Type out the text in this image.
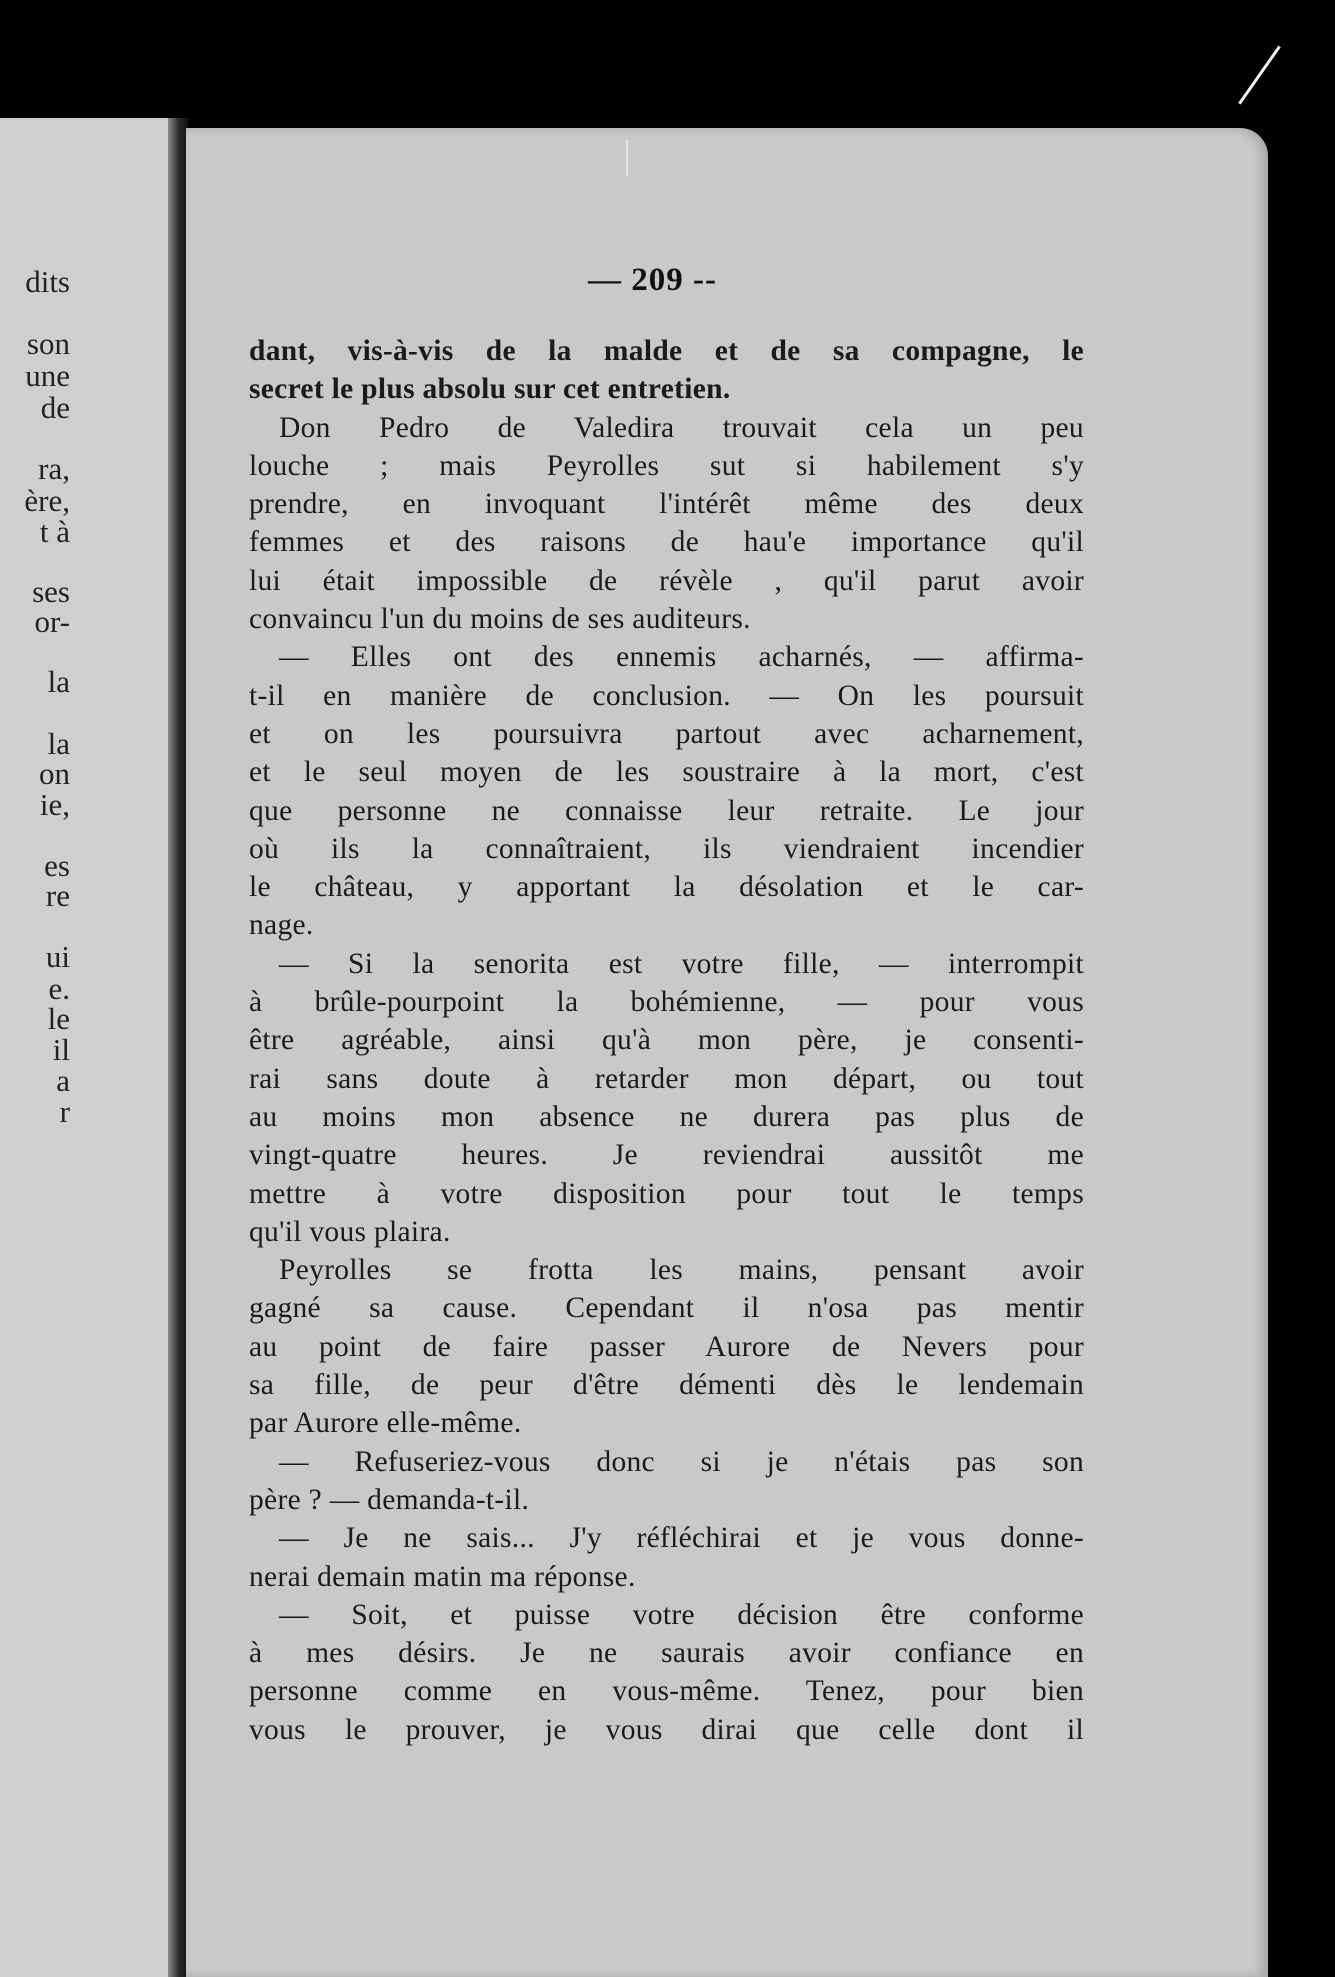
dits
son
une
de
ra,
ère,
t à
ses
or-
la
la
on
ie,
es
re
ui
e.
le
il
a
r
— 209 --
dant, vis-à-vis de la malde et de sa compagne, le
secret le plus absolu sur cet entretien.
Don Pedro de Valedira trouvait cela un peu
louche ; mais Peyrolles sut si habilement s'y
prendre, en invoquant l'intérêt même des deux
femmes et des raisons de hau'e importance qu'il
lui était impossible de révèle , qu'il parut avoir
convaincu l'un du moins de ses auditeurs.
— Elles ont des ennemis acharnés, — affirma-
t-il en manière de conclusion. — On les poursuit
et on les poursuivra partout avec acharnement,
et le seul moyen de les soustraire à la mort, c'est
que personne ne connaisse leur retraite. Le jour
où ils la connaîtraient, ils viendraient incendier
le château, y apportant la désolation et le car-
nage.
— Si la senorita est votre fille, — interrompit
à brûle-pourpoint la bohémienne, — pour vous
être agréable, ainsi qu'à mon père, je consenti-
rai sans doute à retarder mon départ, ou tout
au moins mon absence ne durera pas plus de
vingt-quatre heures. Je reviendrai aussitôt me
mettre à votre disposition pour tout le temps
qu'il vous plaira.
Peyrolles se frotta les mains, pensant avoir
gagné sa cause. Cependant il n'osa pas mentir
au point de faire passer Aurore de Nevers pour
sa fille, de peur d'être démenti dès le lendemain
par Aurore elle-même.
— Refuseriez-vous donc si je n'étais pas son
père ? — demanda-t-il.
— Je ne sais... J'y réfléchirai et je vous donne-
nerai demain matin ma réponse.
— Soit, et puisse votre décision être conforme
à mes désirs. Je ne saurais avoir confiance en
personne comme en vous-même. Tenez, pour bien
vous le prouver, je vous dirai que celle dont il
